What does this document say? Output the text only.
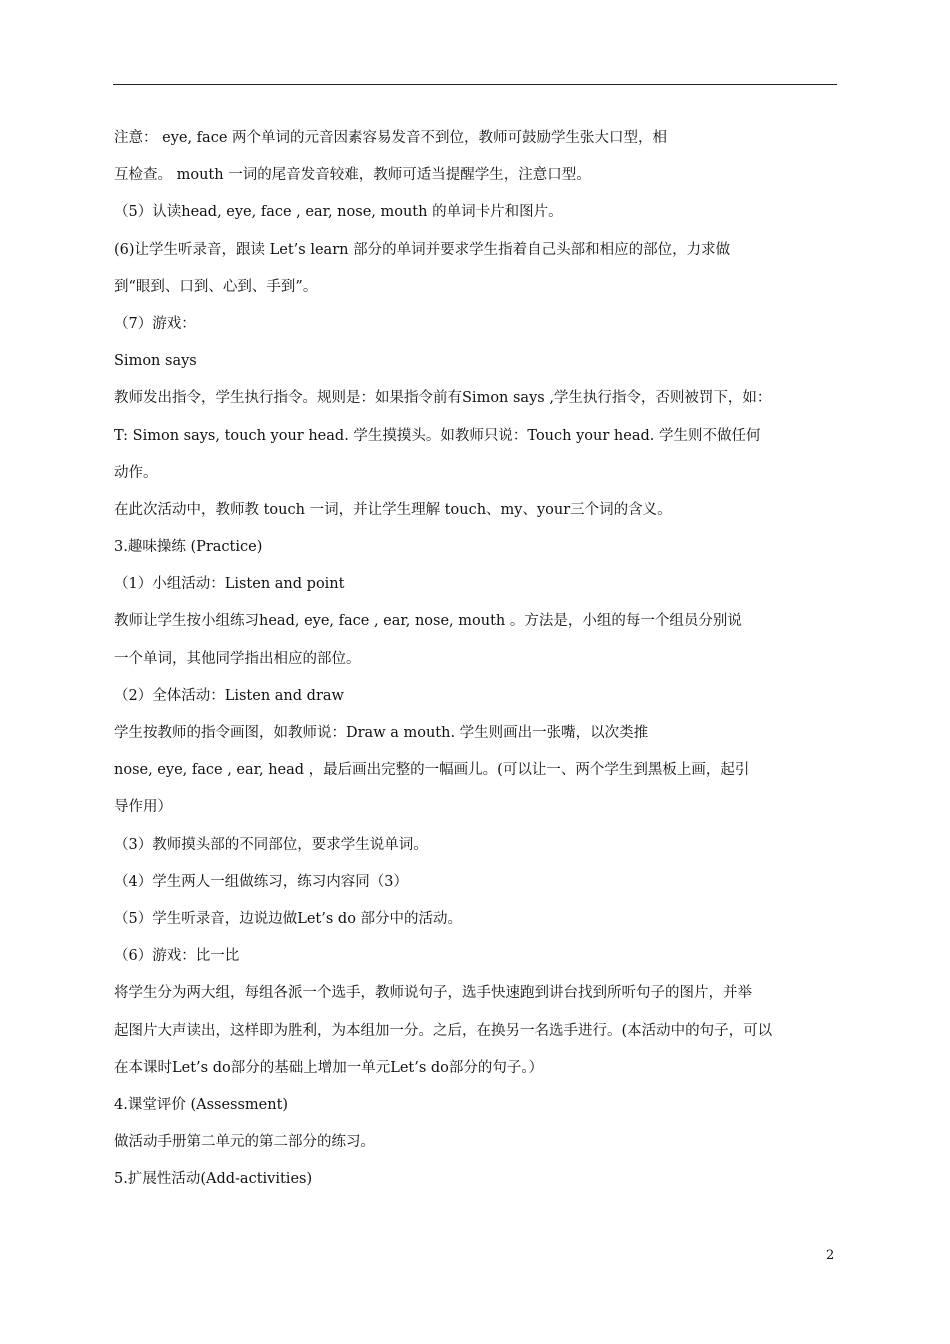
注意： eye, face 两个单词的元音因素容易发音不到位，教师可鼓励学生张大口型，相
互检查。 mouth 一词的尾音发音较难，教师可适当提醒学生，注意口型。
（5）认读head, eye, face , ear, nose, mouth 的单词卡片和图片。
(6)让学生听录音，跟读 Let’s learn 部分的单词并要求学生指着自己头部和相应的部位，力求做
到“眼到、口到、心到、手到”。
（7）游戏：
Simon says
教师发出指令，学生执行指令。规则是：如果指令前有Simon says ,学生执行指令，否则被罚下，如：
T: Simon says, touch your head. 学生摸摸头。如教师只说：Touch your head. 学生则不做任何
动作。
在此次活动中，教师教 touch 一词，并让学生理解 touch、my、your三个词的含义。
3.趣味操练 (Practice)
（1）小组活动：Listen and point
教师让学生按小组练习head, eye, face , ear, nose, mouth 。方法是，小组的每一个组员分别说
一个单词，其他同学指出相应的部位。
（2）全体活动：Listen and draw
学生按教师的指令画图，如教师说：Draw a mouth. 学生则画出一张嘴，以次类推
nose, eye, face , ear, head ，最后画出完整的一幅画儿。(可以让一、两个学生到黑板上画，起引
导作用）
（3）教师摸头部的不同部位，要求学生说单词。
（4）学生两人一组做练习，练习内容同（3）
（5）学生听录音，边说边做Let’s do 部分中的活动。
（6）游戏：比一比
将学生分为两大组，每组各派一个选手，教师说句子，选手快速跑到讲台找到所听句子的图片，并举
起图片大声读出，这样即为胜利，为本组加一分。之后，在换另一名选手进行。(本活动中的句子，可以
在本课时Let’s do部分的基础上增加一单元Let’s do部分的句子。）
4.课堂评价 (Assessment)
做活动手册第二单元的第二部分的练习。
5.扩展性活动(Add-activities)
2
